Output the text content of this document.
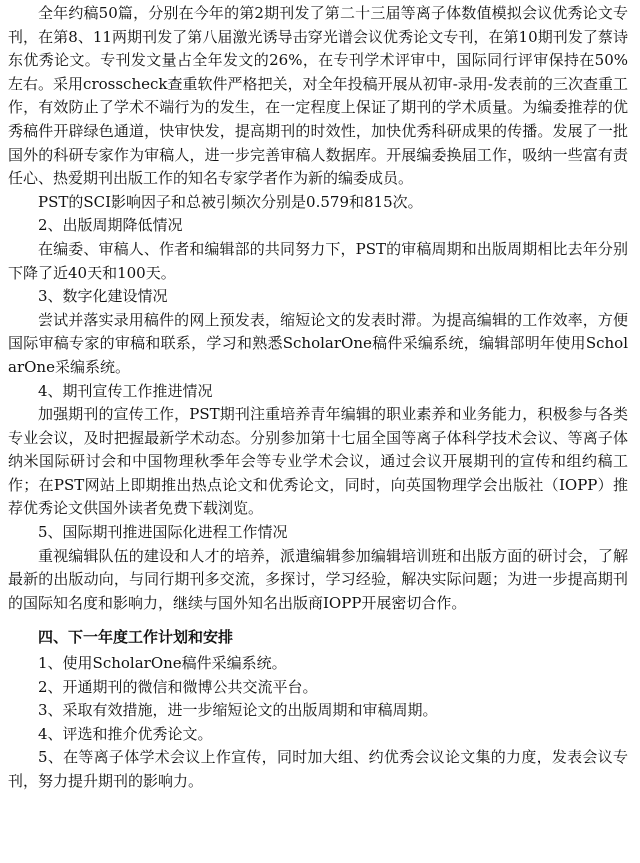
全年约稿50篇，分别在今年的第2期刊发了第二十三届等离子体数值模拟会议优秀论文专刊，在第8、11两期刊发了第八届激光诱导击穿光谱会议优秀论文专刊，在第10期刊发了蔡诗东优秀论文。专刊发文量占全年发文的26%，在专刊学术评审中，国际同行评审保持在50%左右。采用crosscheck查重软件严格把关，对全年投稿开展从初审-录用-发表前的三次查重工作，有效防止了学术不端行为的发生，在一定程度上保证了期刊的学术质量。为编委推荐的优秀稿件开辟绿色通道，快审快发，提高期刊的时效性，加快优秀科研成果的传播。发展了一批国外的科研专家作为审稿人，进一步完善审稿人数据库。开展编委换届工作，吸纳一些富有责任心、热爱期刊出版工作的知名专家学者作为新的编委成员。

PST的SCI影响因子和总被引频次分别是0.579和815次。

2、出版周期降低情况

在编委、审稿人、作者和编辑部的共同努力下，PST的审稿周期和出版周期相比去年分别下降了近40天和100天。

3、数字化建设情况

尝试并落实录用稿件的网上预发表，缩短论文的发表时滞。为提高编辑的工作效率，方便国际审稿专家的审稿和联系，学习和熟悉ScholarOne稿件采编系统，编辑部明年使用ScholarOne采编系统。

4、期刊宣传工作推进情况

加强期刊的宣传工作，PST期刊注重培养青年编辑的职业素养和业务能力，积极参与各类专业会议，及时把握最新学术动态。分别参加第十七届全国等离子体科学技术会议、等离子体纳米国际研讨会和中国物理秋季年会等专业学术会议，通过会议开展期刊的宣传和组约稿工作；在PST网站上即期推出热点论文和优秀论文，同时，向英国物理学会出版社（IOPP）推荐优秀论文供国外读者免费下载浏览。

5、国际期刊推进国际化进程工作情况

重视编辑队伍的建设和人才的培养，派遣编辑参加编辑培训班和出版方面的研讨会，了解最新的出版动向，与同行期刊多交流，多探讨，学习经验，解决实际问题；为进一步提高期刊的国际知名度和影响力，继续与国外知名出版商IOPP开展密切合作。

四、下一年度工作计划和安排

1、使用ScholarOne稿件采编系统。

2、开通期刊的微信和微博公共交流平台。

3、采取有效措施，进一步缩短论文的出版周期和审稿周期。

4、评选和推介优秀论文。

5、在等离子体学术会议上作宣传，同时加大组、约优秀会议论文集的力度，发表会议专刊，努力提升期刊的影响力。
